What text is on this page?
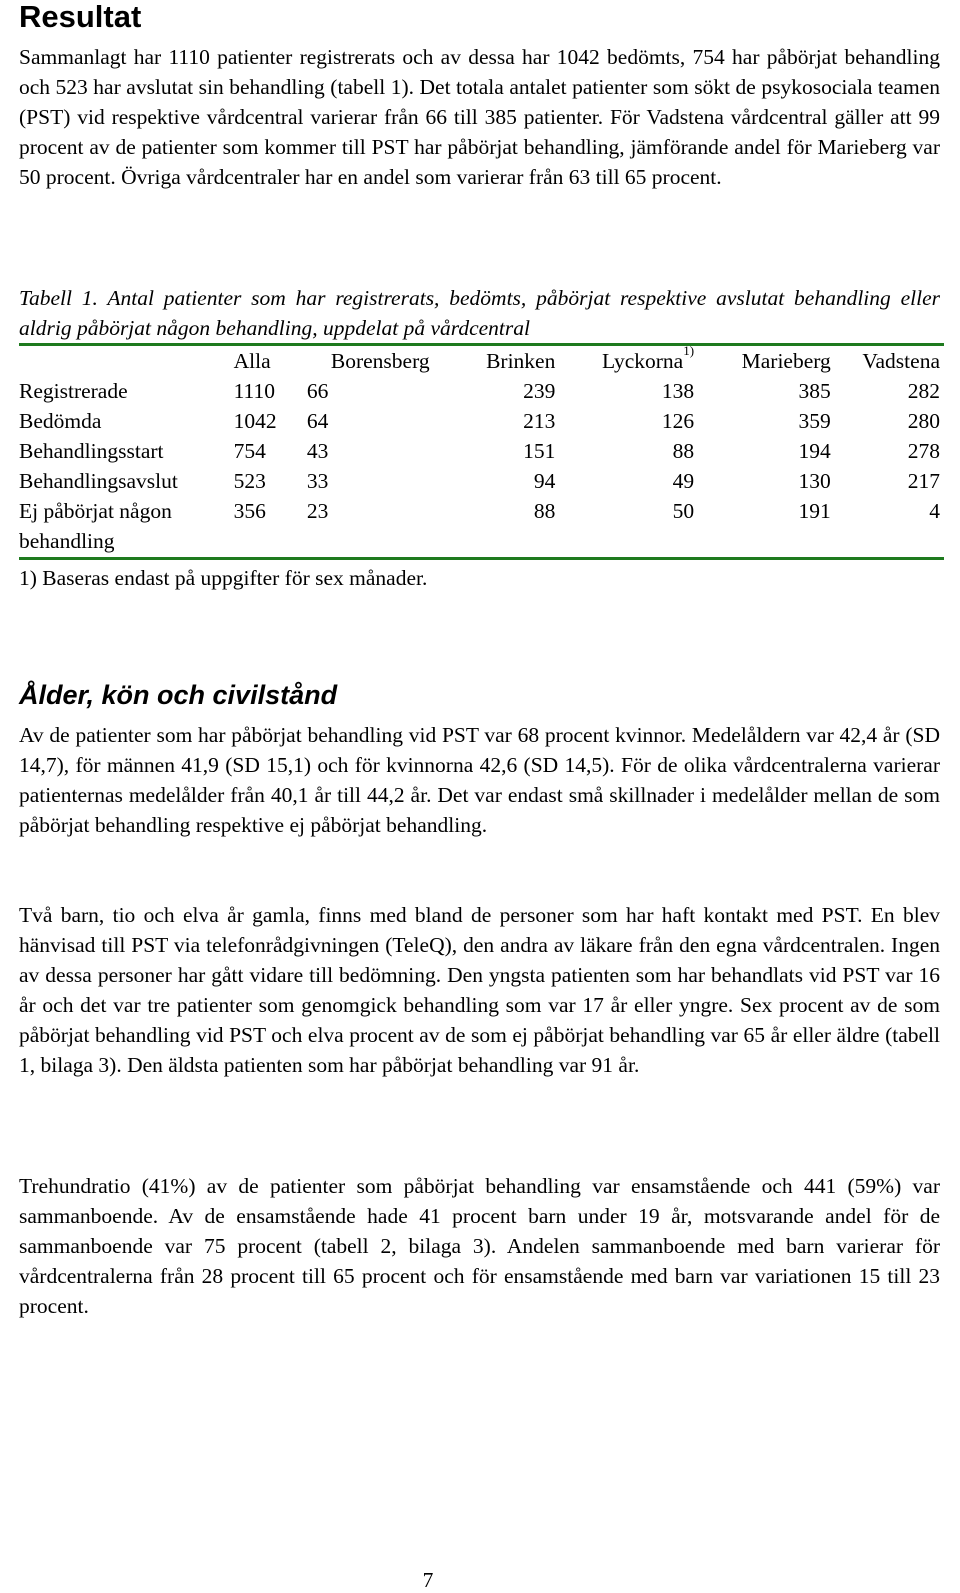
Resultat

Sammanlagt har 1110 patienter registrerats och av dessa har 1042 bedömts, 754 har påbörjat behandling och 523 har avslutat sin behandling (tabell 1). Det totala antalet patienter som sökt de psykosociala teamen (PST) vid respektive vårdcentral varierar från 66 till 385 patienter. För Vadstena vårdcentral gäller att 99 procent av de patienter som kommer till PST har påbörjat behandling, jämförande andel för Marieberg var 50 procent. Övriga vårdcentraler har en andel som varierar från 63 till 65 procent.

Tabell 1. Antal patienter som har registrerats, bedömts, påbörjat respektive avslutat behandling eller aldrig påbörjat någon behandling, uppdelat på vårdcentral
	Alla	Borensberg	Brinken	Lyckorna$^{1)}$	Marieberg	Vadstena
Registrerade	1110	66	239	138	385	282
Bedömda	1042	64	213	126	359	280
Behandlingsstart	754	43	151	88	194	278
Behandlingsavslut	523	33	94	49	130	217
Ej påbörjat någon	356	23	88	50	191	4
behandling						
1) Baseras endast på uppgifter för sex månader.
Ålder, kön och civilstånd

Av de patienter som har påbörjat behandling vid PST var 68 procent kvinnor. Medelåldern var 42,4 år (SD 14,7), för männen 41,9 (SD 15,1) och för kvinnorna 42,6 (SD 14,5). För de olika vårdcentralerna varierar patienternas medelålder från 40,1 år till 44,2 år. Det var endast små skillnader i medelålder mellan de som påbörjat behandling respektive ej påbörjat behandling.

Två barn, tio och elva år gamla, finns med bland de personer som har haft kontakt med PST. En blev hänvisad till PST via telefonrådgivningen (TeleQ), den andra av läkare från den egna vårdcentralen. Ingen av dessa personer har gått vidare till bedömning. Den yngsta patienten som har behandlats vid PST var 16 år och det var tre patienter som genomgick behandling som var 17 år eller yngre. Sex procent av de som påbörjat behandling vid PST och elva procent av de som ej påbörjat behandling var 65 år eller äldre (tabell 1, bilaga 3). Den äldsta patienten som har påbörjat behandling var 91 år.

Trehundratio (41%) av de patienter som påbörjat behandling var ensamstående och 441 (59%) var sammanboende. Av de ensamstående hade 41 procent barn under 19 år, motsvarande andel för de sammanboende var 75 procent (tabell 2, bilaga 3). Andelen sammanboende med barn varierar för vårdcentralerna från 28 procent till 65 procent och för ensamstående med barn var variationen 15 till 23 procent.

7
